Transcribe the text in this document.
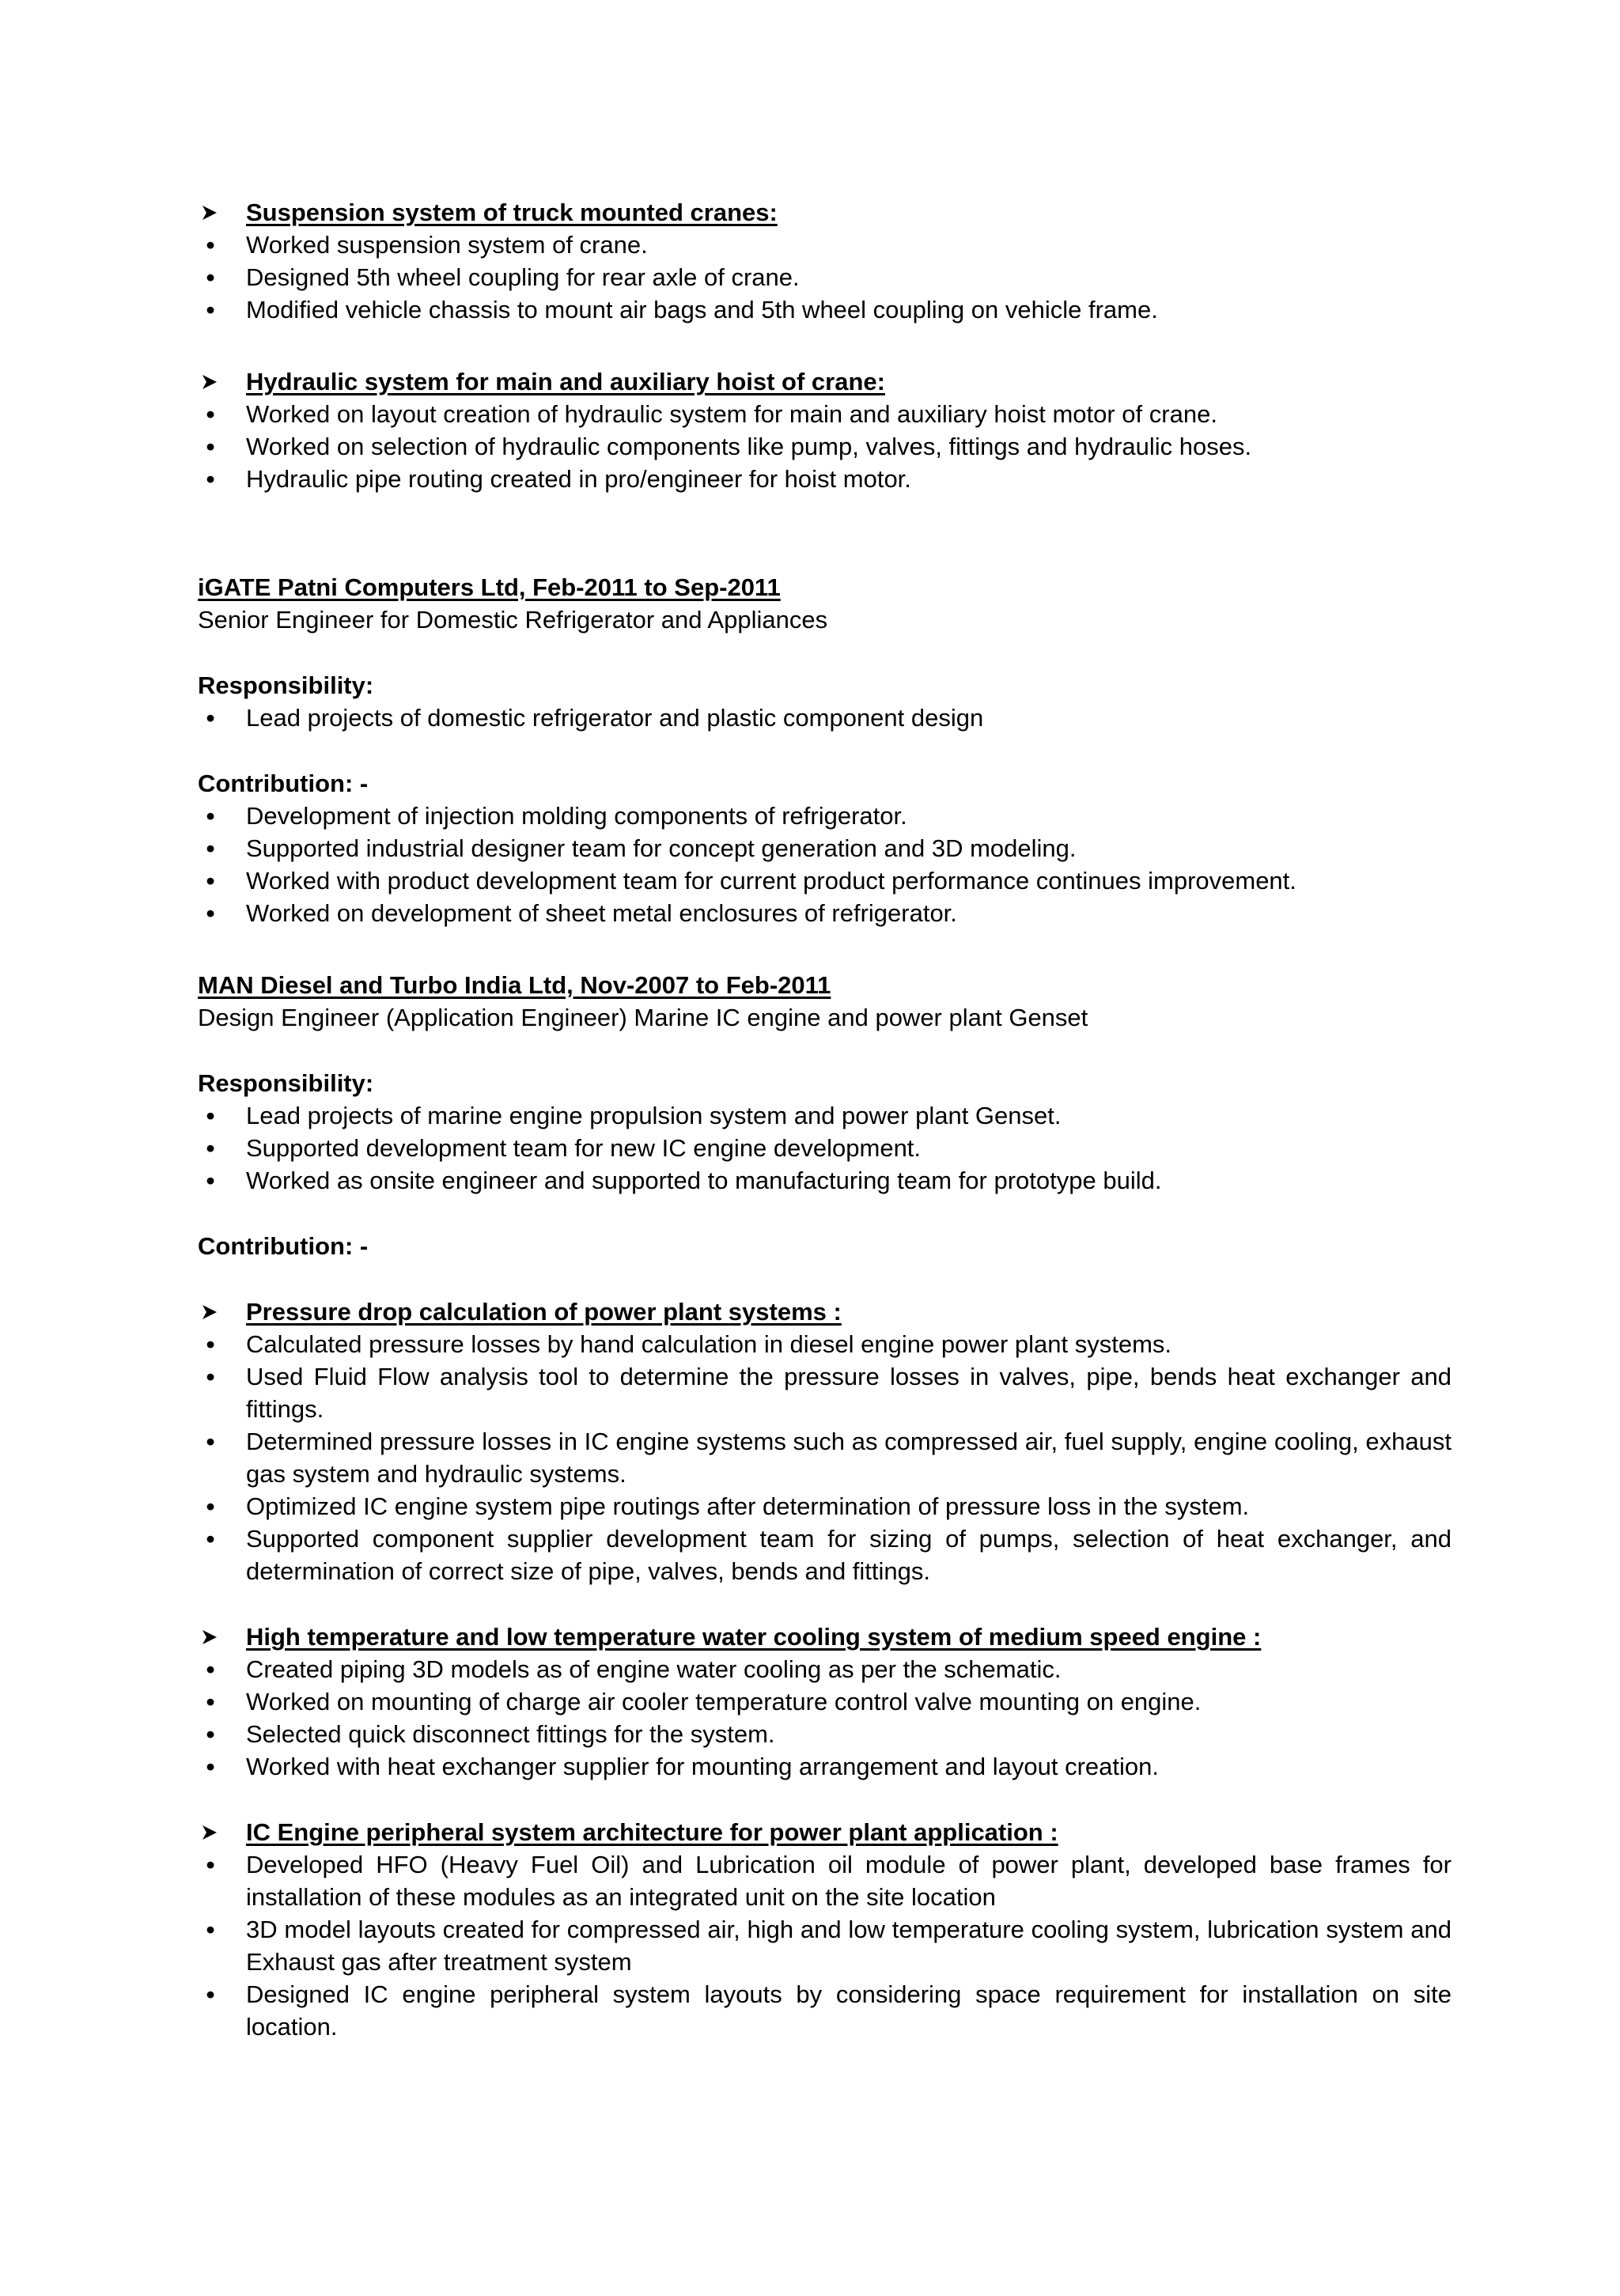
Suspension system of truck mounted cranes:
• Worked suspension system of crane.
• Designed 5th wheel coupling for rear axle of crane.
• Modified vehicle chassis to mount air bags and 5th wheel coupling on vehicle frame.
Hydraulic system for main and auxiliary hoist of crane:
• Worked on layout creation of hydraulic system for main and auxiliary hoist motor of crane.
• Worked on selection of hydraulic components like pump, valves, fittings and hydraulic hoses.
• Hydraulic pipe routing created in pro/engineer for hoist motor.
iGATE Patni Computers Ltd, Feb-2011 to Sep-2011
Senior Engineer for Domestic Refrigerator and Appliances
Responsibility:
• Lead projects of domestic refrigerator and plastic component design
Contribution: -
• Development of injection molding components of refrigerator.
• Supported industrial designer team for concept generation and 3D modeling.
• Worked with product development team for current product performance continues improvement.
• Worked on development of sheet metal enclosures of refrigerator.
MAN Diesel and Turbo India Ltd, Nov-2007 to Feb-2011
Design Engineer (Application Engineer) Marine IC engine and power plant Genset
Responsibility:
• Lead projects of marine engine propulsion system and power plant Genset.
• Supported development team for new IC engine development.
• Worked as onsite engineer and supported to manufacturing team for prototype build.
Contribution: -
Pressure drop calculation of power plant systems :
• Calculated pressure losses by hand calculation in diesel engine power plant systems.
• Used Fluid Flow analysis tool to determine the pressure losses in valves, pipe, bends heat exchanger and fittings.
• Determined pressure losses in IC engine systems such as compressed air, fuel supply, engine cooling, exhaust gas system and hydraulic systems.
• Optimized IC engine system pipe routings after determination of pressure loss in the system.
• Supported component supplier development team for sizing of pumps, selection of heat exchanger, and determination of correct size of pipe, valves, bends and fittings.
High temperature and low temperature water cooling system of medium speed engine :
• Created piping 3D models as of engine water cooling as per the schematic.
• Worked on mounting of charge air cooler temperature control valve mounting on engine.
• Selected quick disconnect fittings for the system.
• Worked with heat exchanger supplier for mounting arrangement and layout creation.
IC Engine peripheral system architecture for power plant application :
• Developed HFO (Heavy Fuel Oil) and Lubrication oil module of power plant, developed base frames for installation of these modules as an integrated unit on the site location
• 3D model layouts created for compressed air, high and low temperature cooling system, lubrication system and Exhaust gas after treatment system
• Designed IC engine peripheral system layouts by considering space requirement for installation on site location.
